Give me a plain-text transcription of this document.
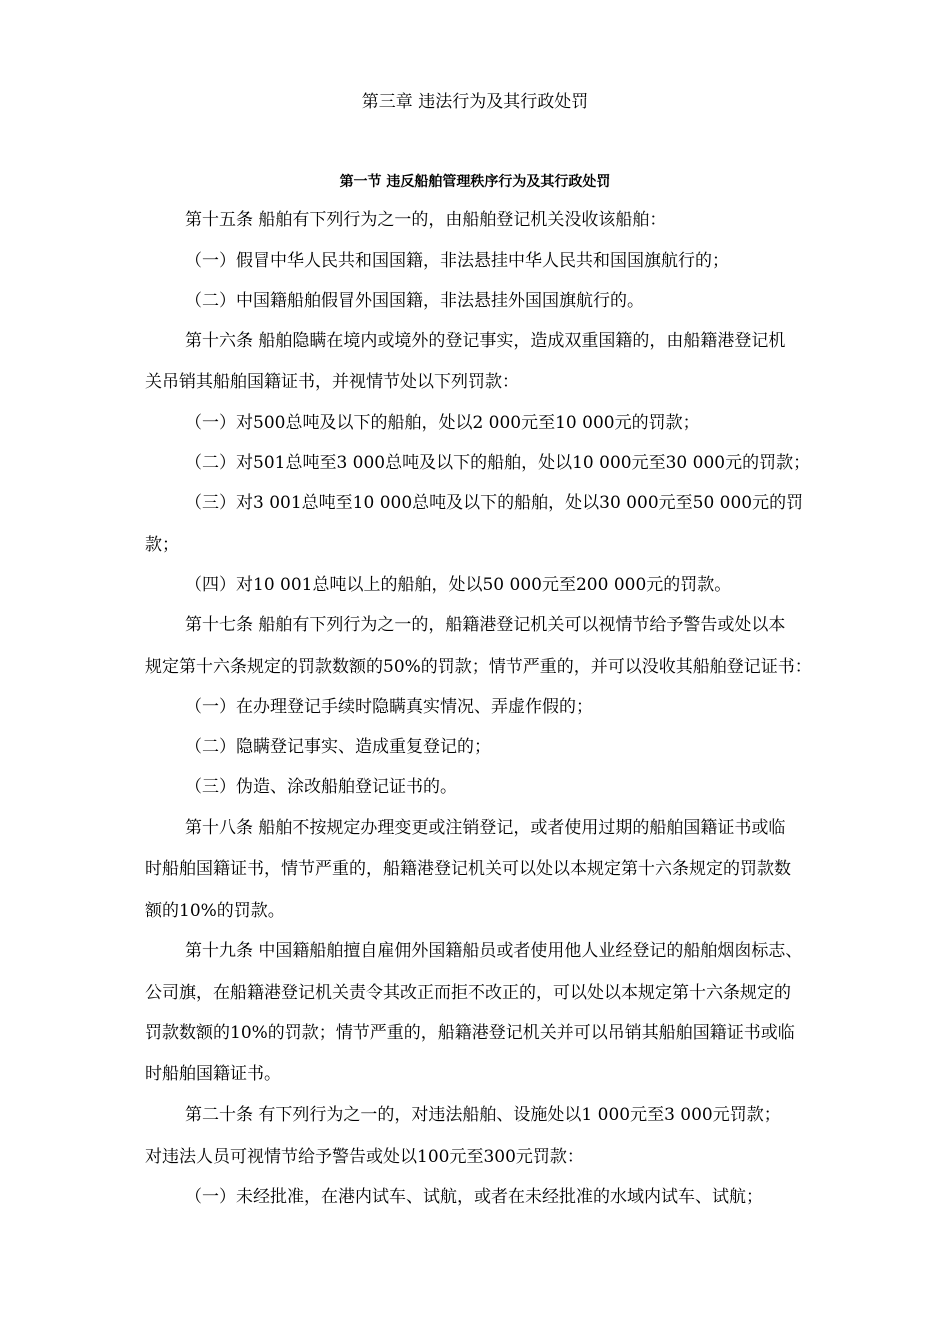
第三章 违法行为及其行政处罚
第一节 违反船舶管理秩序行为及其行政处罚
第十五条 船舶有下列行为之一的，由船舶登记机关没收该船舶：
（一）假冒中华人民共和国国籍，非法悬挂中华人民共和国国旗航行的；
（二）中国籍船舶假冒外国国籍，非法悬挂外国国旗航行的。
第十六条 船舶隐瞒在境内或境外的登记事实，造成双重国籍的，由船籍港登记机
关吊销其船舶国籍证书，并视情节处以下列罚款：
（一）对500总吨及以下的船舶，处以2 000元至10 000元的罚款；
（二）对501总吨至3 000总吨及以下的船舶，处以10 000元至30 000元的罚款；
（三）对3 001总吨至10 000总吨及以下的船舶，处以30 000元至50 000元的罚
款；
（四）对10 001总吨以上的船舶，处以50 000元至200 000元的罚款。
第十七条 船舶有下列行为之一的，船籍港登记机关可以视情节给予警告或处以本
规定第十六条规定的罚款数额的50%的罚款；情节严重的，并可以没收其船舶登记证书：
（一）在办理登记手续时隐瞒真实情况、弄虚作假的；
（二）隐瞒登记事实、造成重复登记的；
（三）伪造、涂改船舶登记证书的。
第十八条 船舶不按规定办理变更或注销登记，或者使用过期的船舶国籍证书或临
时船舶国籍证书，情节严重的，船籍港登记机关可以处以本规定第十六条规定的罚款数
额的10%的罚款。
第十九条 中国籍船舶擅自雇佣外国籍船员或者使用他人业经登记的船舶烟囱标志、
公司旗，在船籍港登记机关责令其改正而拒不改正的，可以处以本规定第十六条规定的
罚款数额的10%的罚款；情节严重的，船籍港登记机关并可以吊销其船舶国籍证书或临
时船舶国籍证书。
第二十条 有下列行为之一的，对违法船舶、设施处以1 000元至3 000元罚款；
对违法人员可视情节给予警告或处以100元至300元罚款：
（一）未经批准，在港内试车、试航，或者在未经批准的水域内试车、试航；
